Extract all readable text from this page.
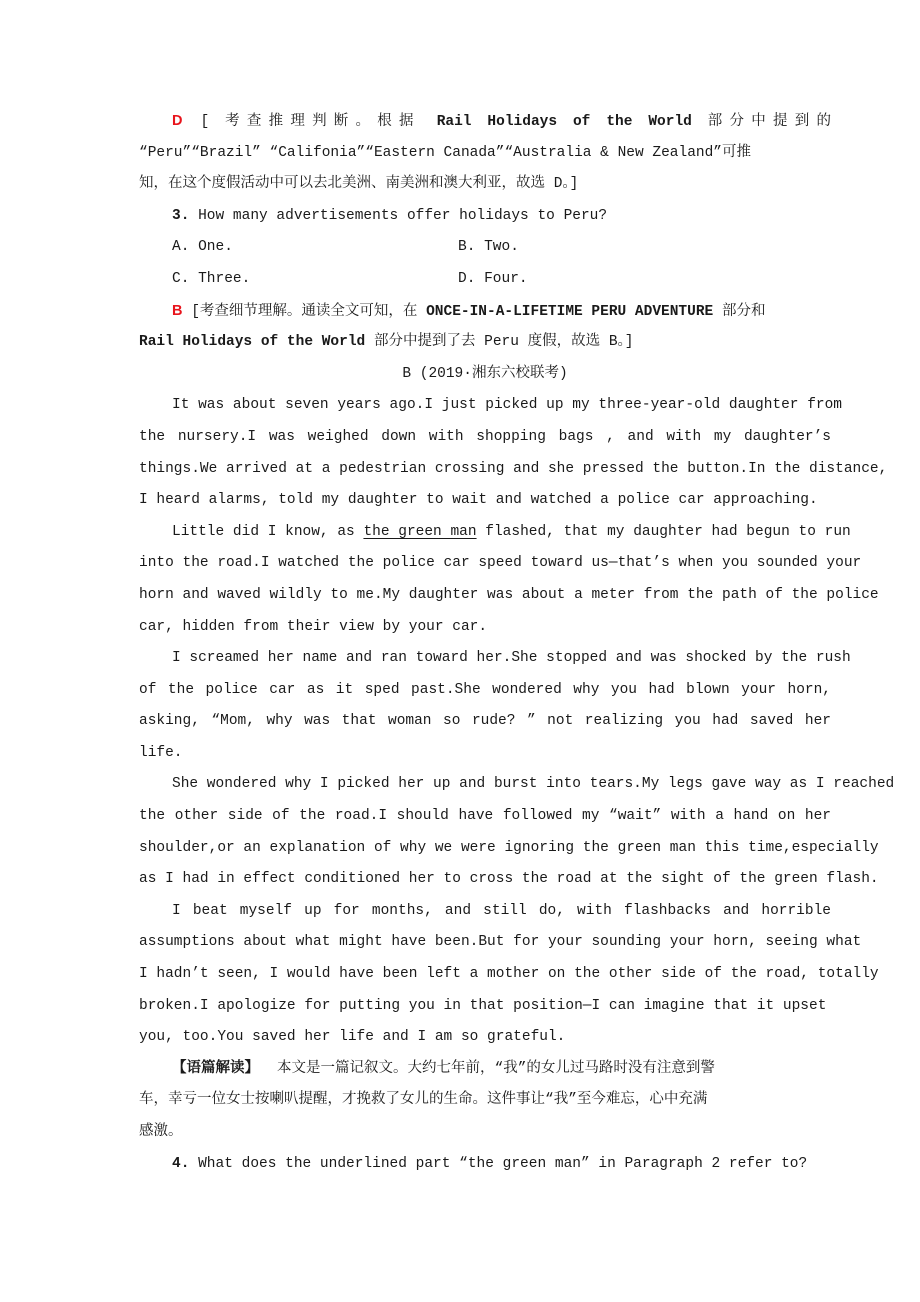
D [ 考查推理判断。根据 Rail Holidays of the World 部分中提到的
“Peru”“Brazil” “Califonia”“Eastern Canada”“Australia & New Zealand”可推
知，在这个度假活动中可以去北美洲、南美洲和澳大利亚，故选 D。]
3. How many advertisements offer holidays to Peru?
A. One.	B. Two.
C. Three.	D. Four.
B [考查细节理解。通读全文可知，在 ONCE-IN-A-LIFETIME PERU ADVENTURE 部分和
Rail Holidays of the World 部分中提到了去 Peru 度假，故选 B。]
B (2019·湘东六校联考)
It was about seven years ago.I just picked up my three-year-old daughter from
the nursery.I was weighed down with shopping bags , and with my daughter’s
things.We arrived at a pedestrian crossing and she pressed the button.In the distance,
I heard alarms, told my daughter to wait and watched a police car approaching.
Little did I know, as the green man flashed, that my daughter had begun to run
into the road.I watched the police car speed toward us—that’s when you sounded your
horn and waved wildly to me.My daughter was about a meter from the path of the police
car, hidden from their view by your car.
I screamed her name and ran toward her.She stopped and was shocked by the rush
of the police car as it sped past.She wondered why you had blown your horn,
asking, “Mom, why was that woman so rude? ” not realizing you had saved her
life.
She wondered why I picked her up and burst into tears.My legs gave way as I reached
the other side of the road.I should have followed my “wait” with a hand on her
shoulder,or an explanation of why we were ignoring the green man this time,especially
as I had in effect conditioned her to cross the road at the sight of the green flash.
I beat myself up for months, and still do, with flashbacks and horrible
assumptions about what might have been.But for your sounding your horn, seeing what
I hadn’t seen, I would have been left a mother on the other side of the road, totally
broken.I apologize for putting you in that position—I can imagine that it upset
you, too.You saved her life and I am so grateful.
【语篇解读】 本文是一篇记叙文。大约七年前，“我”的女儿过马路时没有注意到警
车，幸亏一位女士按喇叭提醒，才挽救了女儿的生命。这件事让“我”至今难忘，心中充满
感激。
4. What does the underlined part “the green man” in Paragraph 2 refer to?
